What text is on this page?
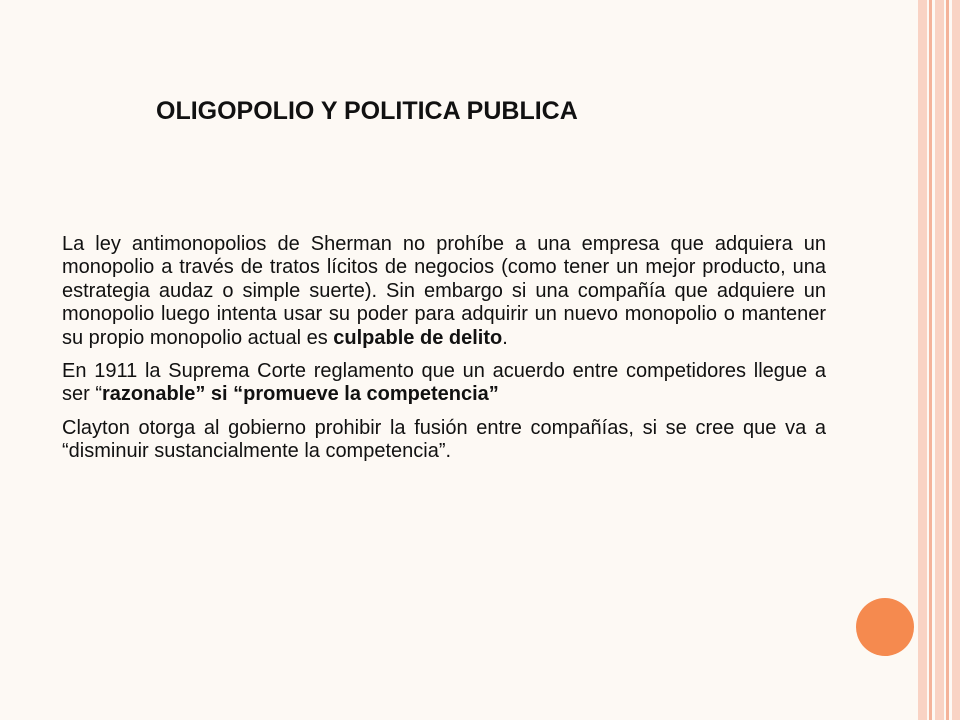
OLIGOPOLIO Y POLITICA PUBLICA

La ley antimonopolios de Sherman no prohíbe a una empresa que adquiera un monopolio a través de tratos lícitos de negocios (como tener un mejor producto, una estrategia audaz o simple suerte). Sin embargo si una compañía que adquiere un monopolio luego intenta usar su poder para adquirir un nuevo monopolio o mantener su propio monopolio actual es culpable de delito.

En 1911 la Suprema Corte reglamento que un acuerdo entre competidores llegue a ser “razonable” si “promueve la competencia”

Clayton otorga al gobierno prohibir la fusión entre compañías, si se cree que va a “disminuir sustancialmente la competencia”.
